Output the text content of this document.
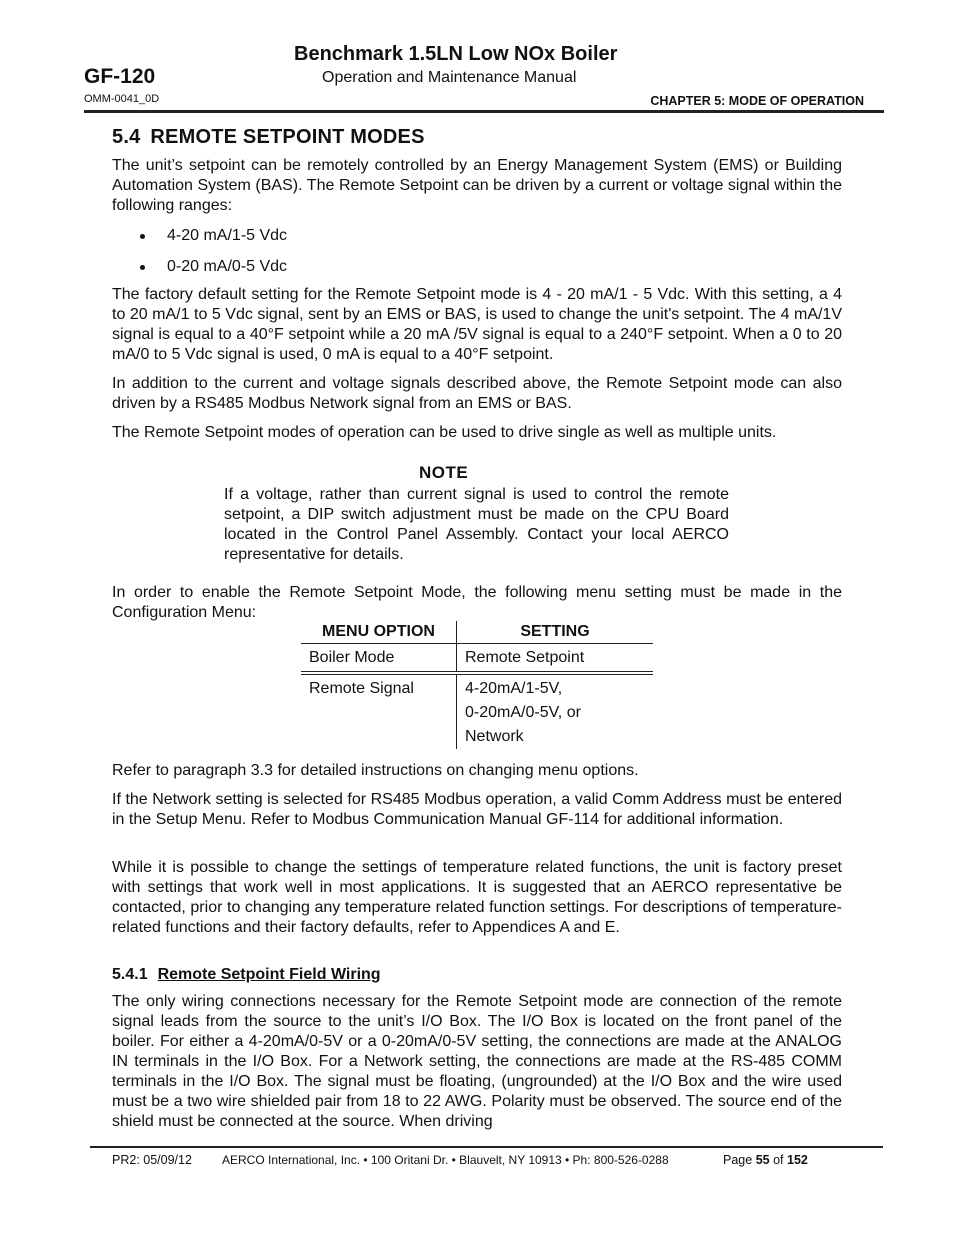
Benchmark 1.5LN Low NOx Boiler
GF-120	Operation and Maintenance Manual
OMM-0041_0D	CHAPTER 5: MODE OF OPERATION
5.4 REMOTE SETPOINT MODES
The unit’s setpoint can be remotely controlled by an Energy Management System (EMS) or Building Automation System (BAS). The Remote Setpoint can be driven by a current or voltage signal within the following ranges:
4-20 mA/1-5 Vdc
0-20 mA/0-5 Vdc
The factory default setting for the Remote Setpoint mode is 4 - 20 mA/1 - 5 Vdc. With this setting, a 4 to 20 mA/1 to 5 Vdc signal, sent by an EMS or BAS, is used to change the unit's setpoint. The 4 mA/1V signal is equal to a 40°F setpoint while a 20 mA /5V signal is equal to a 240°F setpoint. When a 0 to 20 mA/0 to 5 Vdc signal is used, 0 mA is equal to a 40°F setpoint.
In addition to the current and voltage signals described above, the Remote Setpoint mode can also driven by a RS485 Modbus Network signal from an EMS or BAS.
The Remote Setpoint modes of operation can be used to drive single as well as multiple units.
NOTE
If a voltage, rather than current signal is used to control the remote setpoint, a DIP switch adjustment must be made on the CPU Board located in the Control Panel Assembly. Contact your local AERCO representative for details.
In order to enable the Remote Setpoint Mode, the following menu setting must be made in the Configuration Menu:
MENU OPTION	SETTING
Boiler Mode	Remote Setpoint

Remote Signal	4-20mA/1-5V,
0-20mA/0-5V, or
Network
Refer to paragraph 3.3 for detailed instructions on changing menu options.
If the Network setting is selected for RS485 Modbus operation, a valid Comm Address must be entered in the Setup Menu. Refer to Modbus Communication Manual GF-114 for additional information.
While it is possible to change the settings of temperature related functions, the unit is factory preset with settings that work well in most applications. It is suggested that an AERCO representative be contacted, prior to changing any temperature related function settings. For descriptions of temperature-related functions and their factory defaults, refer to Appendices A and E.
5.4.1 Remote Setpoint Field Wiring
The only wiring connections necessary for the Remote Setpoint mode are connection of the remote signal leads from the source to the unit’s I/O Box. The I/O Box is located on the front panel of the boiler. For either a 4-20mA/0-5V or a 0-20mA/0-5V setting, the connections are made at the ANALOG IN terminals in the I/O Box. For a Network setting, the connections are made at the RS-485 COMM terminals in the I/O Box. The signal must be floating, (ungrounded) at the I/O Box and the wire used must be a two wire shielded pair from 18 to 22 AWG. Polarity must be observed. The source end of the shield must be connected at the source. When driving
PR2: 05/09/12	AERCO International, Inc. • 100 Oritani Dr. • Blauvelt, NY 10913 • Ph: 800-526-0288	Page 55 of 152
